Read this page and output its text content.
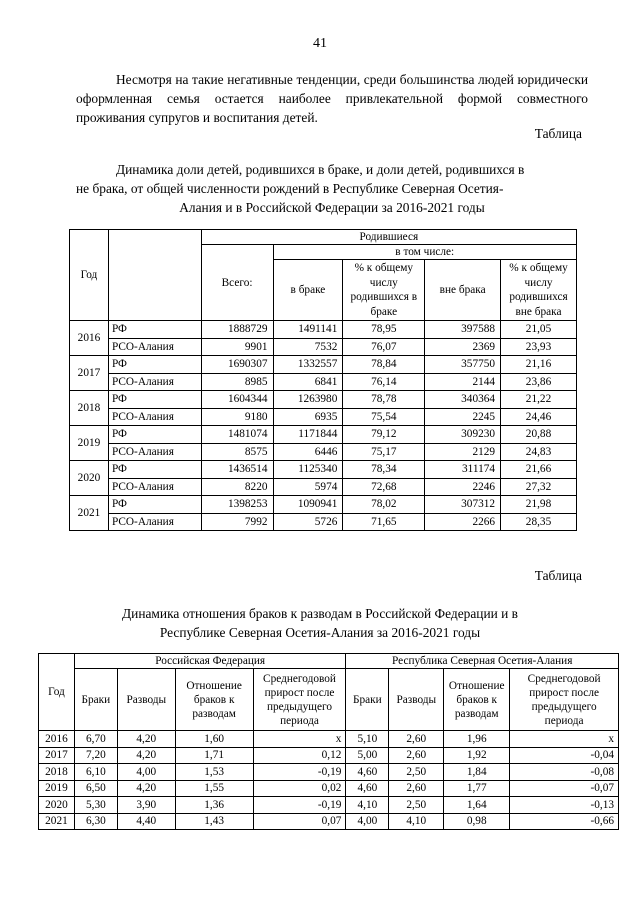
41
Несмотря на такие негативные тенденции, среди большинства людей юридически оформленная семья остается наиболее привлекательной формой совместного проживания супругов и воспитания детей.
Таблица
Динамика доли детей, родившихся в браке, и доли детей, родившихся в
не брака, от общей численности рождений в Республике Северная Осетия-
Алания и в Российской Федерации за 2016-2021 годы
Год		Родившиеся				
		Всего:	в том числе:			
			в браке	% к общему числу родившихся в браке	вне брака	% к общему числу родившихся вне брака
2016	РФ	1888729	1491141	78,95	397588	21,05
	РСО-Алания	9901	7532	76,07	2369	23,93
2017	РФ	1690307	1332557	78,84	357750	21,16
	РСО-Алания	8985	6841	76,14	2144	23,86
2018	РФ	1604344	1263980	78,78	340364	21,22
	РСО-Алания	9180	6935	75,54	2245	24,46
2019	РФ	1481074	1171844	79,12	309230	20,88
	РСО-Алания	8575	6446	75,17	2129	24,83
2020	РФ	1436514	1125340	78,34	311174	21,66
	РСО-Алания	8220	5974	72,68	2246	27,32
2021	РФ	1398253	1090941	78,02	307312	21,98
	РСО-Алания	7992	5726	71,65	2266	28,35
Таблица
Динамика отношения браков к разводам в Российской Федерации и в
Республике Северная Осетия-Алания за 2016-2021 годы
Год	Российская Федерация				Республика Северная Осетия-Алания			
	Браки	Разводы	Отношение браков к разводам	Среднегодовой прирост после предыдущего периода	Браки	Разводы	Отношение браков к разводам	Среднегодовой прирост после предыдущего периода
2016	6,70	4,20	1,60	x	5,10	2,60	1,96	x
2017	7,20	4,20	1,71	0,12	5,00	2,60	1,92	-0,04
2018	6,10	4,00	1,53	-0,19	4,60	2,50	1,84	-0,08
2019	6,50	4,20	1,55	0,02	4,60	2,60	1,77	-0,07
2020	5,30	3,90	1,36	-0,19	4,10	2,50	1,64	-0,13
2021	6,30	4,40	1,43	0,07	4,00	4,10	0,98	-0,66
